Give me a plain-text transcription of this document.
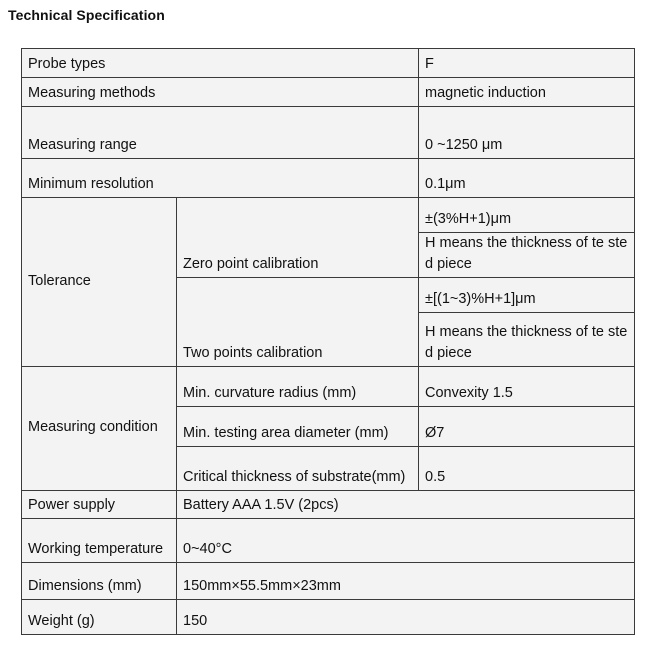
Technical Specification
Probe types		F
Measuring methods		magnetic induction
Measuring range		0 ~1250 μm
Minimum resolution		0.1μm
Tolerance	Zero point calibration	±(3%H+1)μm
		H means the thickness of te sted piece
	Two points calibration	±[(1~3)%H+1]μm
		H means the thickness of te sted piece
Measuring condition	Min. curvature radius (mm)	Convexity 1.5
	Min. testing area diameter (mm)	Ø7
	Critical thickness of substrate(mm)	0.5
Power supply	Battery AAA 1.5V (2pcs)	
Working temperature	0~40°C	
Dimensions (mm)	150mm×55.5mm×23mm	
Weight (g)	150	
